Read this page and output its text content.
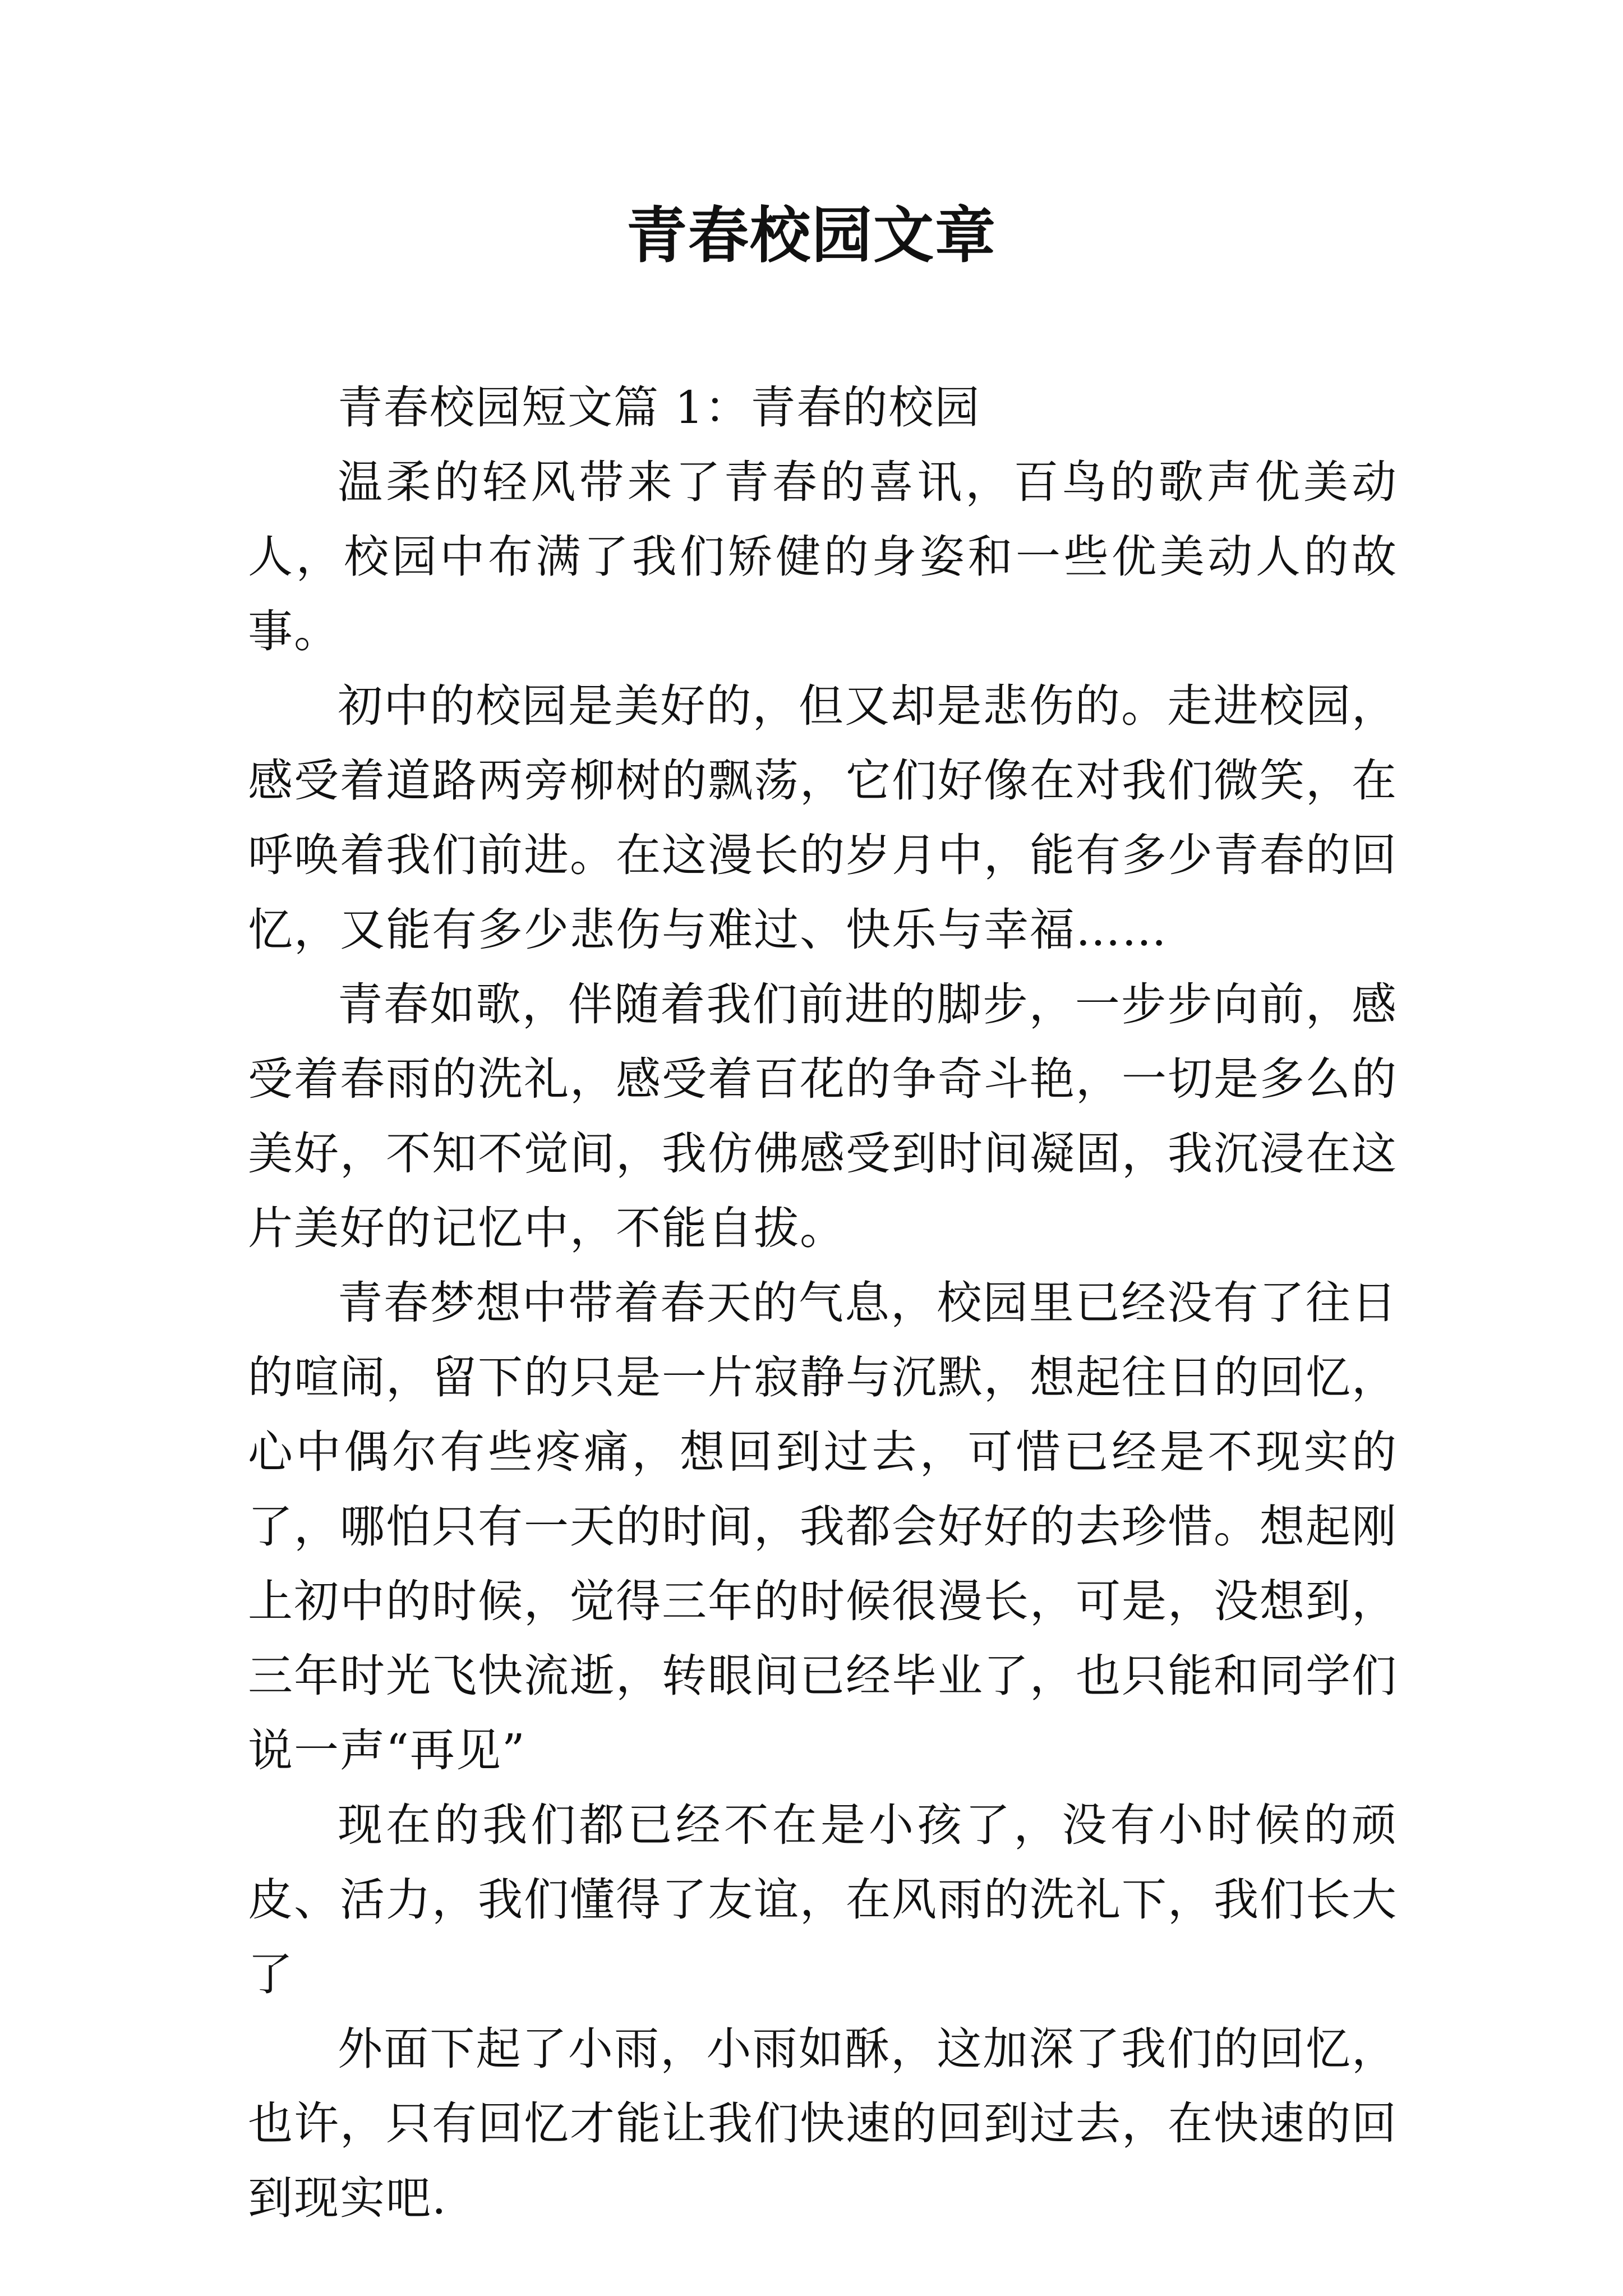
青春校园文章

青春校园短文篇 1：青春的校园

温柔的轻风带来了青春的喜讯，百鸟的歌声优美动人，校园中布满了我们矫健的身姿和一些优美动人的故事。

初中的校园是美好的，但又却是悲伤的。走进校园，感受着道路两旁柳树的飘荡，它们好像在对我们微笑，在呼唤着我们前进。在这漫长的岁月中，能有多少青春的回忆，又能有多少悲伤与难过、快乐与幸福……

青春如歌，伴随着我们前进的脚步，一步步向前，感受着春雨的洗礼，感受着百花的争奇斗艳，一切是多么的美好，不知不觉间，我仿佛感受到时间凝固，我沉浸在这片美好的记忆中，不能自拔。

青春梦想中带着春天的气息，校园里已经没有了往日的喧闹，留下的只是一片寂静与沉默，想起往日的回忆，心中偶尔有些疼痛，想回到过去，可惜已经是不现实的了，哪怕只有一天的时间，我都会好好的去珍惜。想起刚上初中的时候，觉得三年的时候很漫长，可是，没想到，三年时光飞快流逝，转眼间已经毕业了，也只能和同学们说一声“再见”

现在的我们都已经不在是小孩了，没有小时候的顽皮、活力，我们懂得了友谊，在风雨的洗礼下，我们长大了

外面下起了小雨，小雨如酥，这加深了我们的回忆，也许，只有回忆才能让我们快速的回到过去，在快速的回到现实吧.
